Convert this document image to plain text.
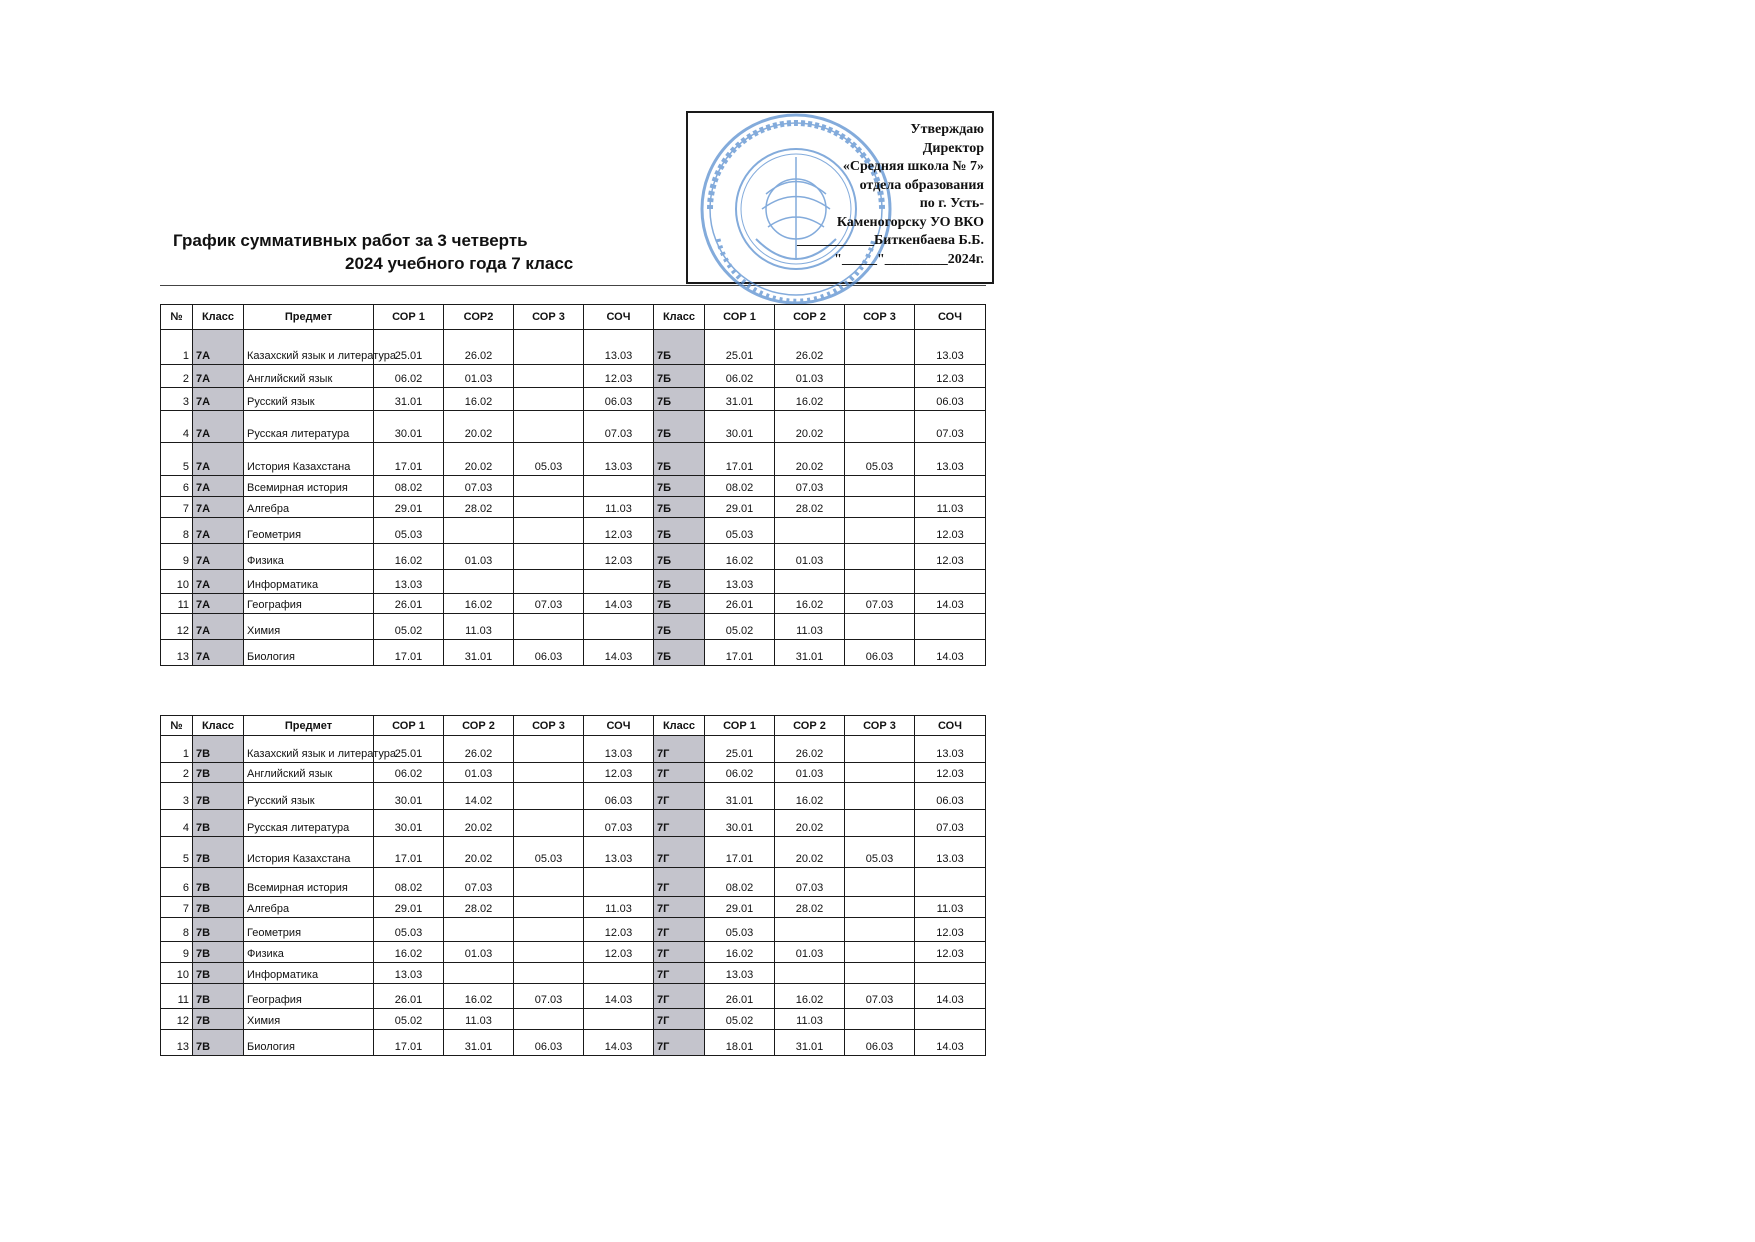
График суммативных работ за 3 четверть
2024 учебного года 7 класс
Утверждаю
Директор
«Средняя школа № 7»
отдела образования
по г. Усть-
Каменогорску УО ВКО
___________Биткенбаева Б.Б.
"_____"_________2024г.
№	Класс	Предмет	СОР 1	СОР2	СОР 3	СОЧ	Класс	СОР 1	СОР 2	СОР 3	СОЧ
1	7А	Казахский язык и литература	25.01	26.02		13.03	7Б	25.01	26.02		13.03
2	7А	Английский язык	06.02	01.03		12.03	7Б	06.02	01.03		12.03
3	7А	Русский язык	31.01	16.02		06.03	7Б	31.01	16.02		06.03
4	7А	Русская литература	30.01	20.02		07.03	7Б	30.01	20.02		07.03
5	7А	История Казахстана	17.01	20.02	05.03	13.03	7Б	17.01	20.02	05.03	13.03
6	7А	Всемирная история	08.02	07.03			7Б	08.02	07.03		
7	7А	Алгебра	29.01	28.02		11.03	7Б	29.01	28.02		11.03
8	7А	Геометрия	05.03			12.03	7Б	05.03			12.03
9	7А	Физика	16.02	01.03		12.03	7Б	16.02	01.03		12.03
10	7А	Информатика	13.03				7Б	13.03			
11	7А	География	26.01	16.02	07.03	14.03	7Б	26.01	16.02	07.03	14.03
12	7А	Химия	05.02	11.03			7Б	05.02	11.03		
13	7А	Биология	17.01	31.01	06.03	14.03	7Б	17.01	31.01	06.03	14.03
№	Класс	Предмет	СОР 1	СОР 2	СОР 3	СОЧ	Класс	СОР 1	СОР 2	СОР 3	СОЧ
1	7В	Казахский язык и литература	25.01	26.02		13.03	7Г	25.01	26.02		13.03
2	7В	Английский язык	06.02	01.03		12.03	7Г	06.02	01.03		12.03
3	7В	Русский язык	30.01	14.02		06.03	7Г	31.01	16.02		06.03
4	7В	Русская литература	30.01	20.02		07.03	7Г	30.01	20.02		07.03
5	7В	История Казахстана	17.01	20.02	05.03	13.03	7Г	17.01	20.02	05.03	13.03
6	7В	Всемирная история	08.02	07.03			7Г	08.02	07.03		
7	7В	Алгебра	29.01	28.02		11.03	7Г	29.01	28.02		11.03
8	7В	Геометрия	05.03			12.03	7Г	05.03			12.03
9	7В	Физика	16.02	01.03		12.03	7Г	16.02	01.03		12.03
10	7В	Информатика	13.03				7Г	13.03			
11	7В	География	26.01	16.02	07.03	14.03	7Г	26.01	16.02	07.03	14.03
12	7В	Химия	05.02	11.03			7Г	05.02	11.03		
13	7В	Биология	17.01	31.01	06.03	14.03	7Г	18.01	31.01	06.03	14.03
